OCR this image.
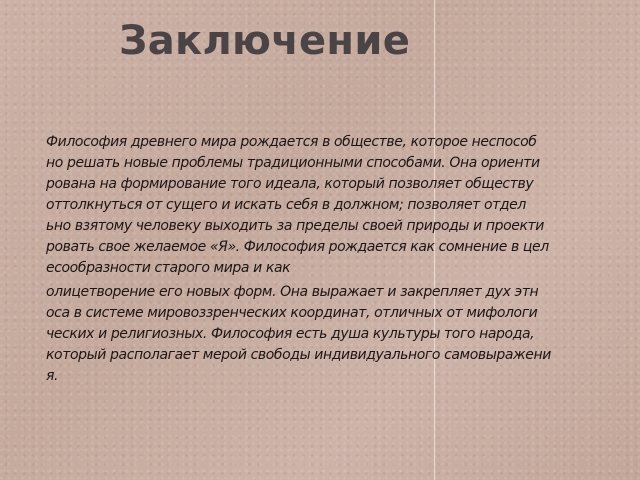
Заключение

Философия древнего мира рождается в обществе, которое неспособ

но решать новые проблемы традиционными способами. Она ориенти

рована на формирование того идеала, который позволяет обществу

оттолкнуться от сущего и искать себя в должном; позволяет отдел

ьно взятому человеку выходить за пределы своей природы и проекти

ровать свое желаемое «Я». Философия рождается как сомнение в цел

есообразности старого мира и как

олицетворение его новых форм. Она выражает и закрепляет дух этн

оса в системе мировоззренческих координат, отличных от мифологи

ческих и религиозных. Философия есть душа культуры того народа,

который располагает мерой свободы индивидуального самовыражени

я.
